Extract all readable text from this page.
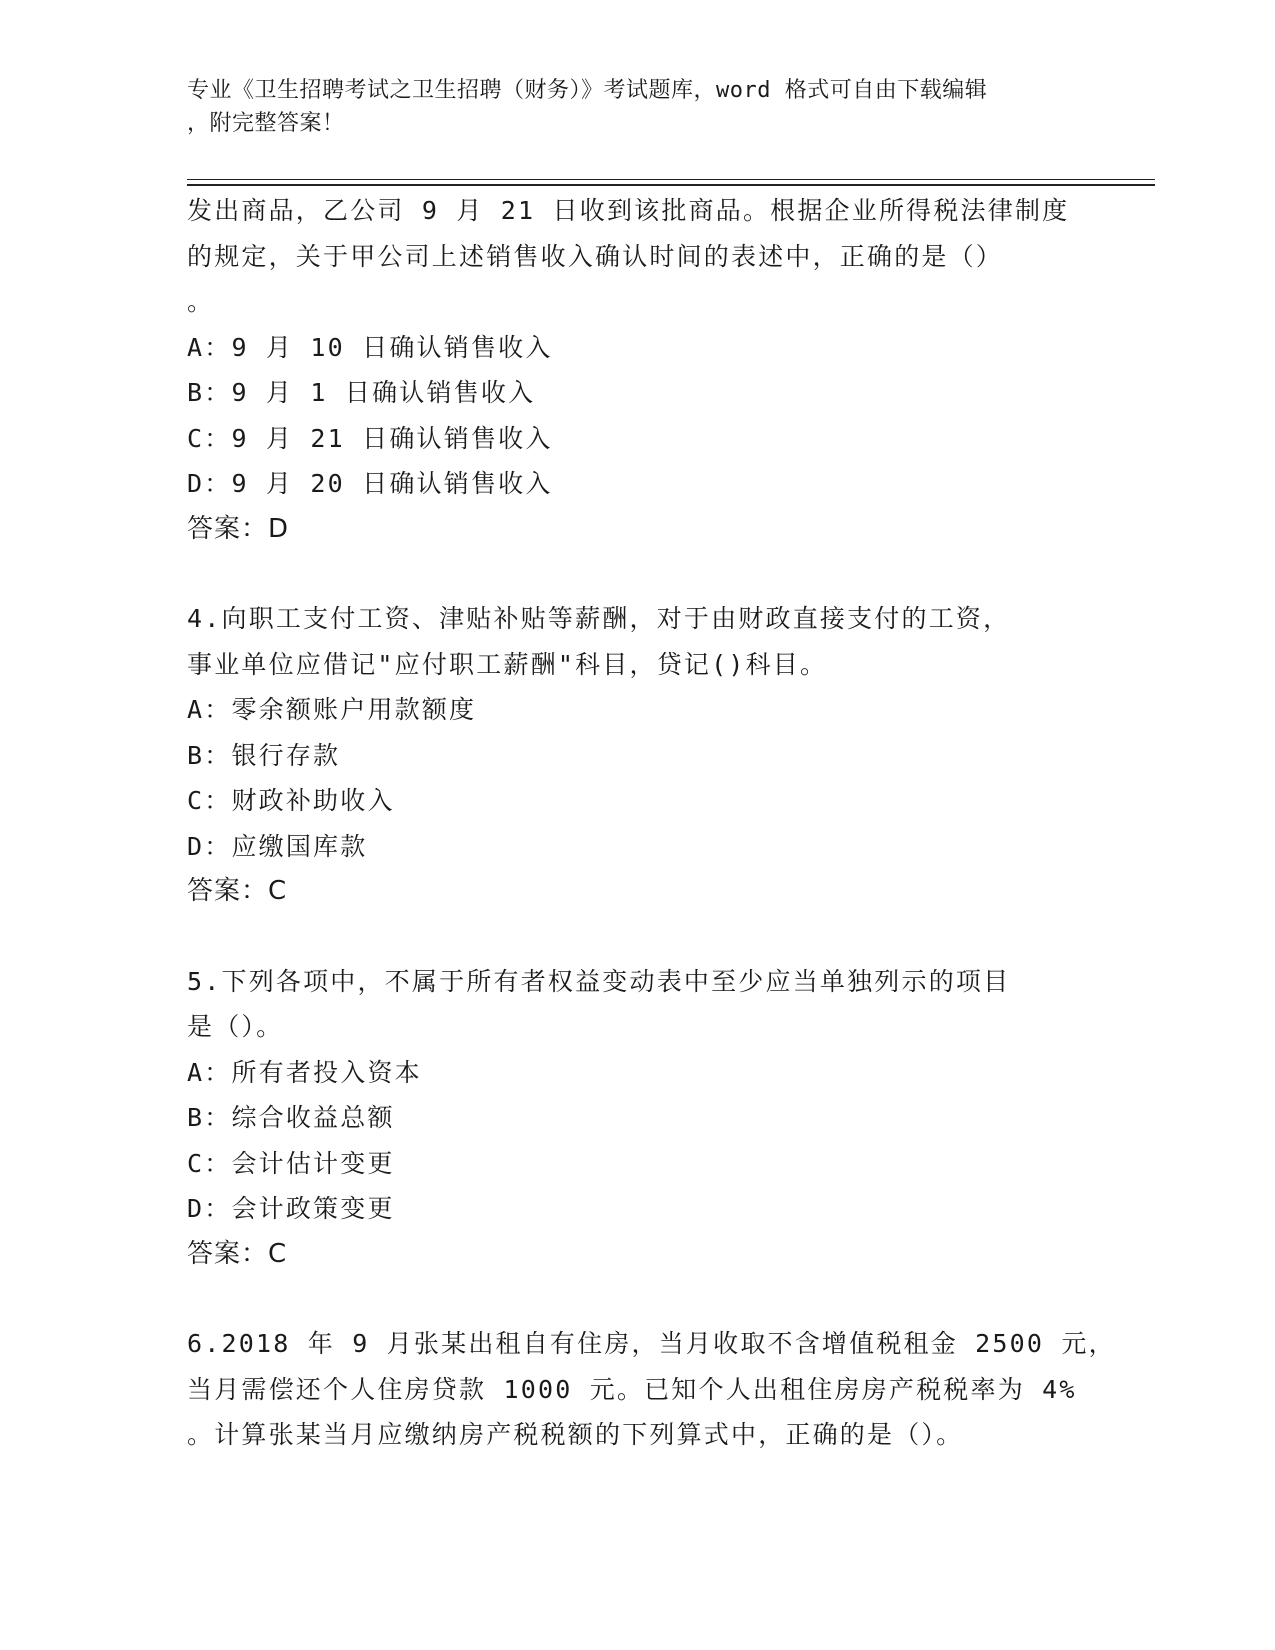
专业《卫生招聘考试之卫生招聘（财务）》考试题库，word 格式可自由下载编辑
，附完整答案！
发出商品，乙公司 9 月 21 日收到该批商品。根据企业所得税法律制度
的规定，关于甲公司上述销售收入确认时间的表述中，正确的是（）
。
A：9 月 10 日确认销售收入
B：9 月 1 日确认销售收入
C：9 月 21 日确认销售收入
D：9 月 20 日确认销售收入
答案：D
4.向职工支付工资、津贴补贴等薪酬，对于由财政直接支付的工资，
事业单位应借记"应付职工薪酬"科目，贷记()科目。
A：零余额账户用款额度
B：银行存款
C：财政补助收入
D：应缴国库款
答案：C
5.下列各项中，不属于所有者权益变动表中至少应当单独列示的项目
是（）。
A：所有者投入资本
B：综合收益总额
C：会计估计变更
D：会计政策变更
答案：C
6.2018 年 9 月张某出租自有住房，当月收取不含增值税租金 2500 元，
当月需偿还个人住房贷款 1000 元。已知个人出租住房房产税税率为 4%
。计算张某当月应缴纳房产税税额的下列算式中，正确的是（）。
